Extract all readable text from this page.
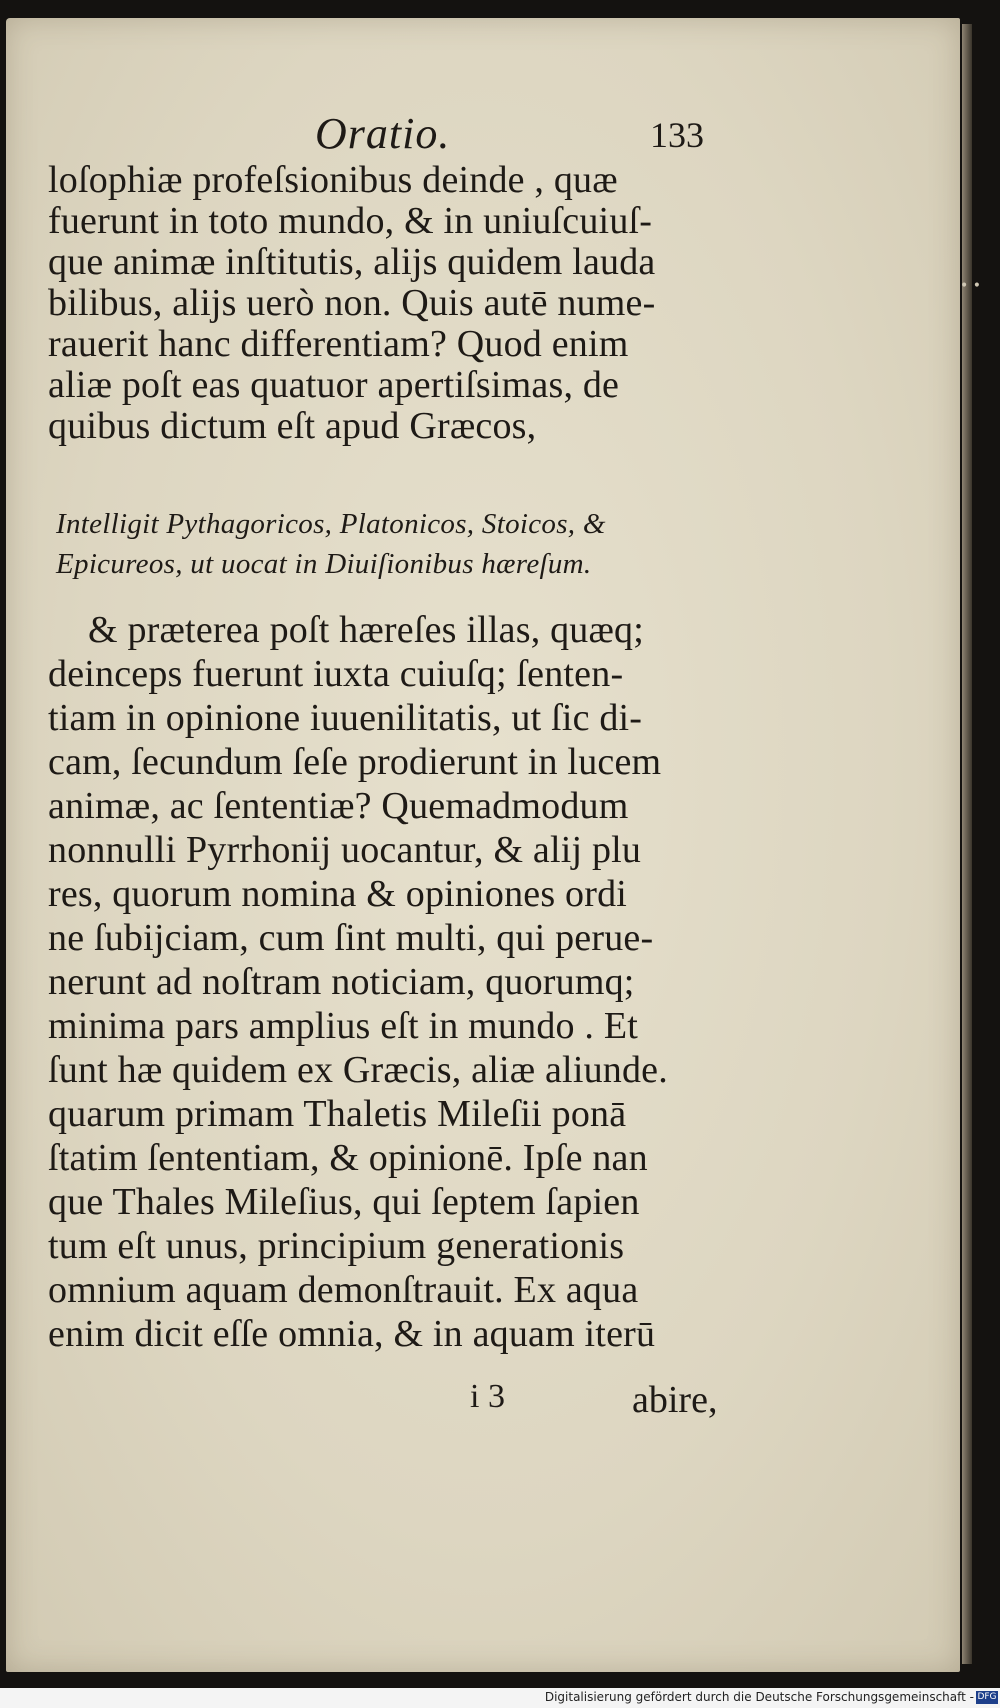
• •
Oratio.	133
loſophiæ profeſsionibus deinde , quæ
fuerunt in toto mundo, & in uniuſcuiuſ-
que animæ inſtitutis, alijs quidem lauda
bilibus, alijs uerò non. Quis autē nume-
rauerit hanc differentiam? Quod enim
aliæ poſt eas quatuor apertiſsimas, de
quibus dictum eſt apud Græcos,
Intelligit Pythagoricos, Platonicos, Stoicos, &
Epicureos, ut uocat in Diuiſionibus hæreſum.
& præterea poſt hæreſes illas, quæq;
deinceps fuerunt iuxta cuiuſq; ſenten-
tiam in opinione iuuenilitatis, ut ſic di-
cam, ſecundum ſeſe prodierunt in lucem
animæ, ac ſententiæ? Quemadmodum
nonnulli Pyrrhonij uocantur, & alij plu
res, quorum nomina & opiniones ordi
ne ſubijciam, cum ſint multi, qui perue-
nerunt ad noſtram noticiam, quorumq;
minima pars amplius eſt in mundo . Et
ſunt hæ quidem ex Græcis, aliæ aliunde.
quarum primam Thaletis Mileſii ponā
ſtatim ſententiam, & opinionē. Ipſe nan
que Thales Mileſius, qui ſeptem ſapien
tum eſt unus, principium generationis
omnium aquam demonſtrauit. Ex aqua
enim dicit eſſe omnia, & in aquam iterū
i 3	abire,
Digitalisierung gefördert durch die Deutsche Forschungsgemeinschaft - DFG
